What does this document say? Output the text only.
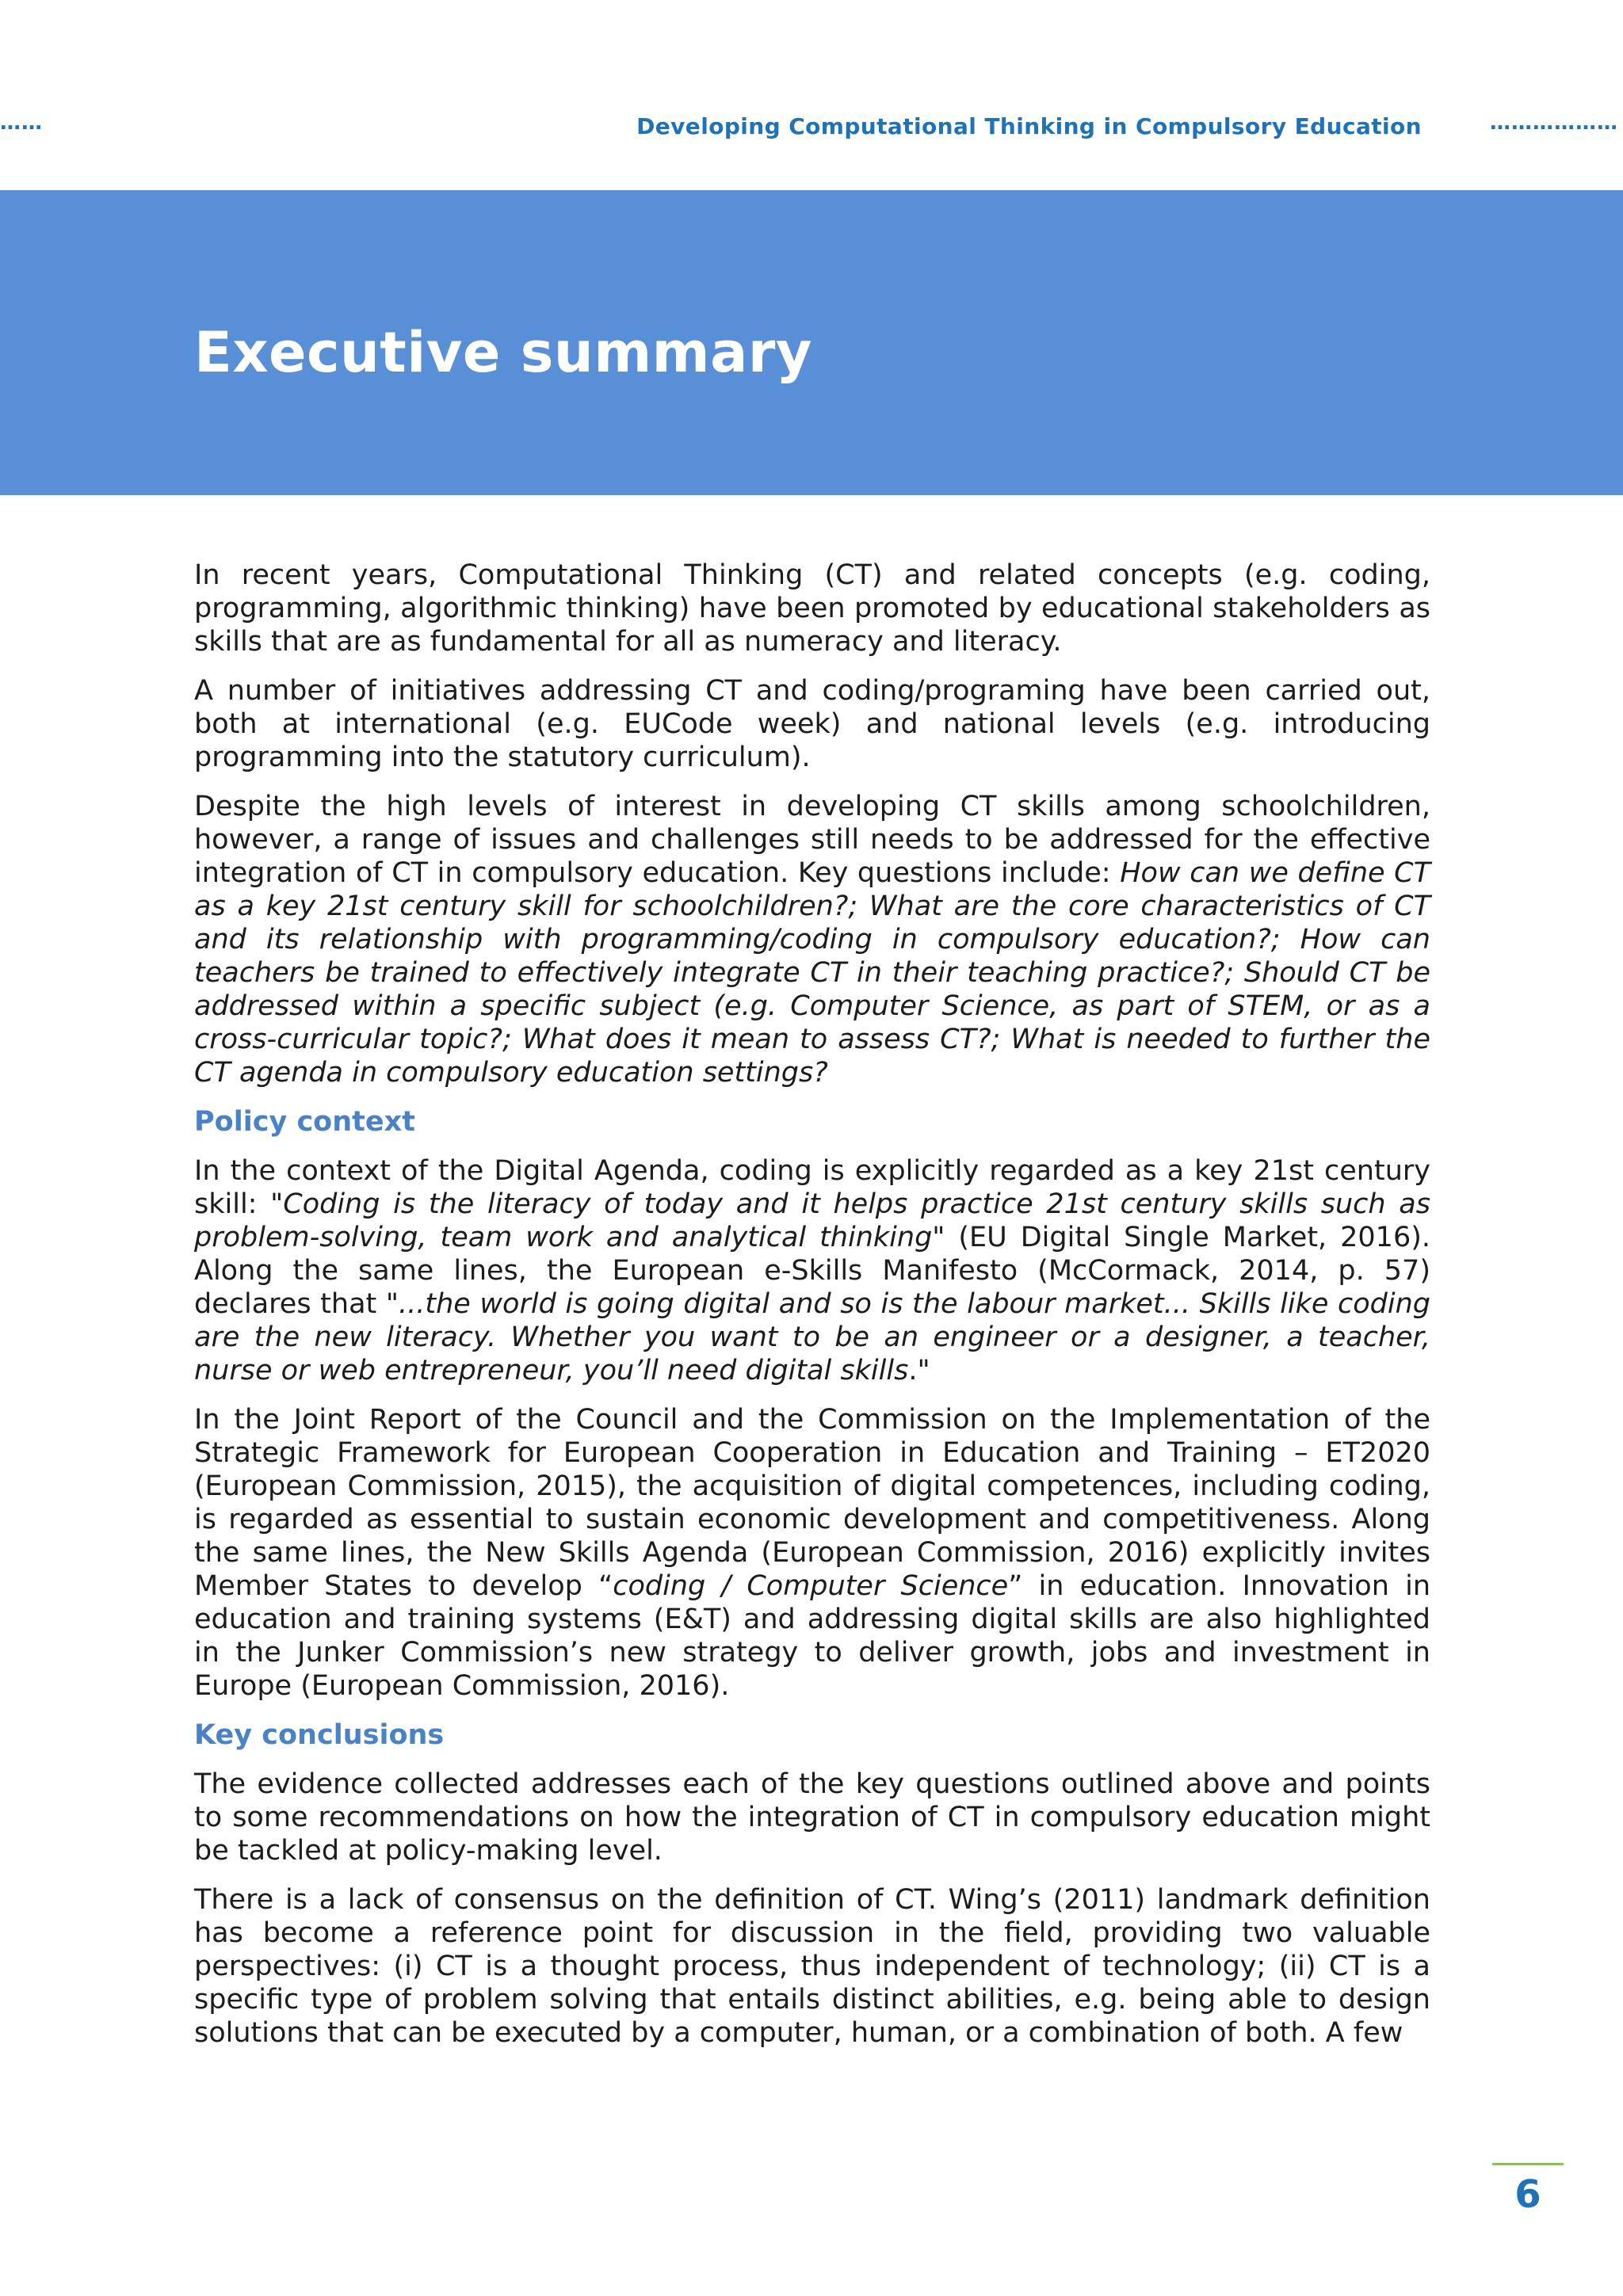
……	Developing Computational Thinking in Compulsory Education	………………
Executive summary

In recent years, Computational Thinking (CT) and related concepts (e.g. coding, programming, algorithmic thinking) have been promoted by educational stakeholders as skills that are as fundamental for all as numeracy and literacy.

A number of initiatives addressing CT and coding/programing have been carried out, both at international (e.g. EUCode week) and national levels (e.g. introducing programming into the statutory curriculum).

Despite the high levels of interest in developing CT skills among schoolchildren, however, a range of issues and challenges still needs to be addressed for the effective integration of CT in compulsory education. Key questions include: How can we define CT as a key 21st century skill for schoolchildren?; What are the core characteristics of CT and its relationship with programming/coding in compulsory education?; How can teachers be trained to effectively integrate CT in their teaching practice?; Should CT be addressed within a specific subject (e.g. Computer Science, as part of STEM, or as a cross-curricular topic?; What does it mean to assess CT?; What is needed to further the CT agenda in compulsory education settings?

Policy context

In the context of the Digital Agenda, coding is explicitly regarded as a key 21st century skill: "Coding is the literacy of today and it helps practice 21st century skills such as problem-solving, team work and analytical thinking" (EU Digital Single Market, 2016). Along the same lines, the European e-Skills Manifesto (McCormack, 2014, p. 57) declares that "...the world is going digital and so is the labour market... Skills like coding are the new literacy. Whether you want to be an engineer or a designer, a teacher, nurse or web entrepreneur, you’ll need digital skills."

In the Joint Report of the Council and the Commission on the Implementation of the Strategic Framework for European Cooperation in Education and Training – ET2020 (European Commission, 2015), the acquisition of digital competences, including coding, is regarded as essential to sustain economic development and competitiveness. Along the same lines, the New Skills Agenda (European Commission, 2016) explicitly invites Member States to develop “coding / Computer Science” in education. Innovation in education and training systems (E&T) and addressing digital skills are also highlighted in the Junker Commission’s new strategy to deliver growth, jobs and investment in Europe (European Commission, 2016).

Key conclusions

The evidence collected addresses each of the key questions outlined above and points to some recommendations on how the integration of CT in compulsory education might be tackled at policy-making level.

There is a lack of consensus on the definition of CT. Wing’s (2011) landmark definition has become a reference point for discussion in the field, providing two valuable perspectives: (i) CT is a thought process, thus independent of technology; (ii) CT is a specific type of problem solving that entails distinct abilities, e.g. being able to design solutions that can be executed by a computer, human, or a combination of both. A few

6
